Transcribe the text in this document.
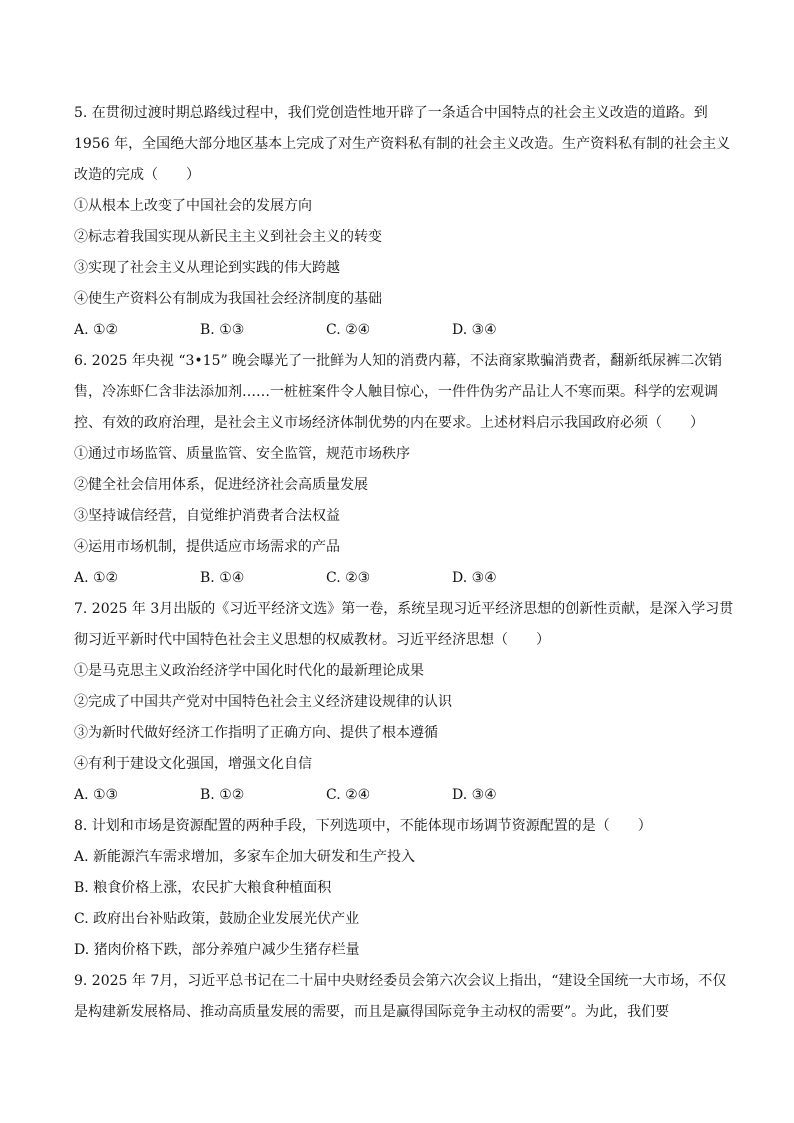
5. 在贯彻过渡时期总路线过程中，我们党创造性地开辟了一条适合中国特点的社会主义改造的道路。到
1956 年，全国绝大部分地区基本上完成了对生产资料私有制的社会主义改造。生产资料私有制的社会主义
改造的完成（　　）
①从根本上改变了中国社会的发展方向
②标志着我国实现从新民主主义到社会主义的转变
③实现了社会主义从理论到实践的伟大跨越
④使生产资料公有制成为我国社会经济制度的基础
A. ①②	B. ①③	C. ②④	D. ③④
6. 2025 年央视 “3•15” 晚会曝光了一批鲜为人知的消费内幕，不法商家欺骗消费者，翻新纸尿裤二次销
售，冷冻虾仁含非法添加剂……一桩桩案件令人触目惊心，一件件伪劣产品让人不寒而栗。科学的宏观调
控、有效的政府治理，是社会主义市场经济体制优势的内在要求。上述材料启示我国政府必须（　　）
①通过市场监管、质量监管、安全监管，规范市场秩序
②健全社会信用体系，促进经济社会高质量发展
③坚持诚信经营，自觉维护消费者合法权益
④运用市场机制，提供适应市场需求的产品
A. ①②	B. ①④	C. ②③	D. ③④
7. 2025 年 3月出版的《习近平经济文选》第一卷，系统呈现习近平经济思想的创新性贡献，是深入学习贯
彻习近平新时代中国特色社会主义思想的权威教材。习近平经济思想（　　）
①是马克思主义政治经济学中国化时代化的最新理论成果
②完成了中国共产党对中国特色社会主义经济建设规律的认识
③为新时代做好经济工作指明了正确方向、提供了根本遵循
④有利于建设文化强国，增强文化自信
A. ①③	B. ①②	C. ②④	D. ③④
8. 计划和市场是资源配置的两种手段，下列选项中，不能体现市场调节资源配置的是（　　）
A. 新能源汽车需求增加，多家车企加大研发和生产投入
B. 粮食价格上涨，农民扩大粮食种植面积
C. 政府出台补贴政策，鼓励企业发展光伏产业
D. 猪肉价格下跌，部分养殖户减少生猪存栏量
9. 2025 年 7月，习近平总书记在二十届中央财经委员会第六次会议上指出，“建设全国统一大市场，不仅
是构建新发展格局、推动高质量发展的需要，而且是赢得国际竞争主动权的需要”。为此，我们要
